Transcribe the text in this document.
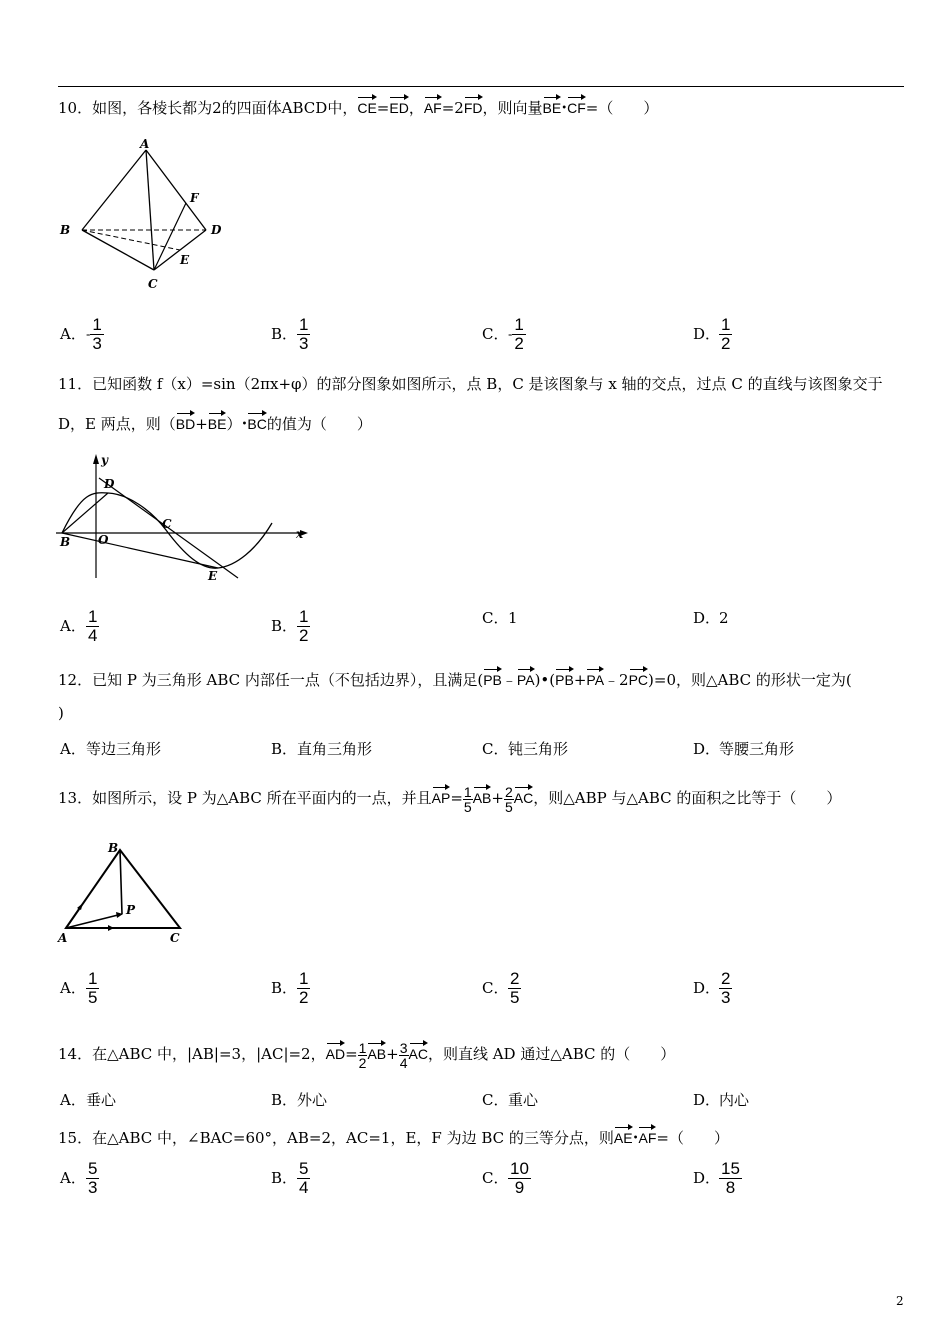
10．如图，各棱长都为2的四面体ABCD中，CE=ED，AF=2FD，则向量BE•CF=（　　）
A
B
C
D
E
F
A．- $\frac{1}{3}$	B． $\frac{1}{3}$	C．- $\frac{1}{2}$	D．
$\frac{1}{2}$
11．已知函数 f（x）=sin（2πx+φ）的部分图象如图所示，点 B，C 是该图象与 x 轴的交点，过点 C 的直线与该图象交于
D，E 两点，则（BD+BE）•BC的值为（　　）
y
x
D
C
B O
E
A． $\frac{1}{4}$	B． $\frac{1}{2}$	C．1	D．2
12．已知 P 为三角形 ABC 内部任一点（不包括边界），且满足(PB﹣PA)•(PB+PA﹣2PC)=0，则△ABC 的形状一定为(
)
A．等边三角形	B．直角三角形	C．钝三角形	D．等腰三角形
13．如图所示，设 P 为△ABC 所在平面内的一点，并且$AP= \frac{1}{5} AB+ \frac{2}{5}$ AC，则△ABP 与△ABC 的面积之比等于（　　）
B
P
A	C
A． $\frac{1}{5}$	B． $\frac{1}{2}$	C． $\frac{2}{5}$	D．
$\frac{2}{3}$
14．在△ABC 中，|AB|=3，|AC|=2，$AD= \frac{1}{2} AB+ \frac{3}{4}$ AC，则直线 AD 通过△ABC 的（　　）
A．垂心	B．外心	C．重心	D．内心
15．在△ABC 中，∠BAC=60°，AB=2，AC=1，E，F 为边 BC 的三等分点，则AE•AF=（　　）
A． $\frac{5}{3}$	B． $\frac{5}{4}$	C． $\frac{10}{9}$	D．
$\frac{15}{8}$
2
